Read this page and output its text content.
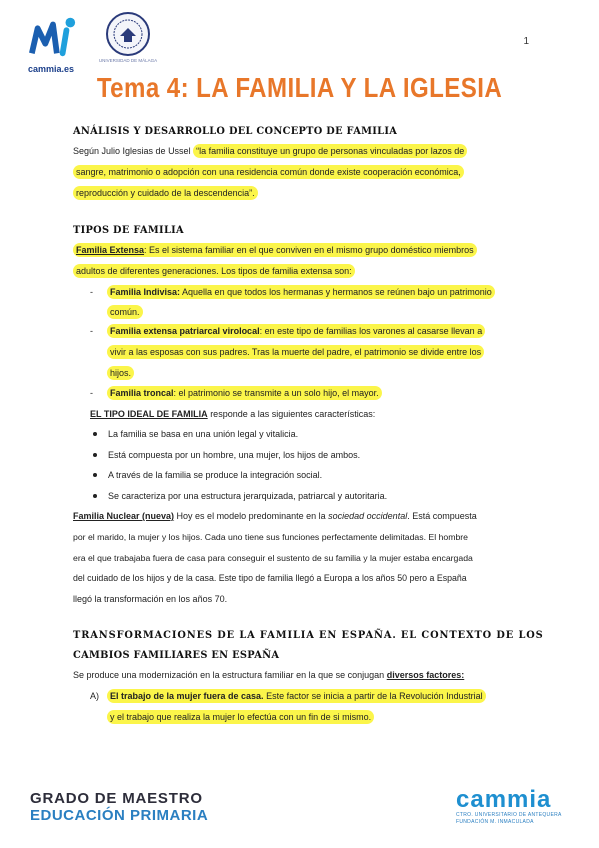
cammia.es
UNIVERSIDAD DE MÁLAGA
1
Tema 4: LA FAMILIA Y LA IGLESIA
ANÁLISIS Y DESARROLLO DEL CONCEPTO DE FAMILIA
Según Julio Iglesias de Ussel “la familia constituye un grupo de personas vinculadas por lazos de
sangre, matrimonio o adopción con una residencia común donde existe cooperación económica,
reproducción y cuidado de la descendencia”.
TIPOS DE FAMILIA
Familia Extensa: Es el sistema familiar en el que conviven en el mismo grupo doméstico miembros
adultos de diferentes generaciones. Los tipos de familia extensa son:
-	Familia Indivisa: Aquella en que todos los hermanas y hermanos se reúnen bajo un patrimonio
común.
-	Familia extensa patriarcal virolocal: en este tipo de familias los varones al casarse llevan a
vivir a las esposas con sus padres. Tras la muerte del padre, el patrimonio se divide entre los
hijos.
-	Familia troncal: el patrimonio se transmite a un solo hijo, el mayor.
EL TIPO IDEAL DE FAMILIA responde a las siguientes características:
La familia se basa en una unión legal y vitalicia.
Está compuesta por un hombre, una mujer, los hijos de ambos.
A través de la familia se produce la integración social.
Se caracteriza por una estructura jerarquizada, patriarcal y autoritaria.
Familia Nuclear (nueva) Hoy es el modelo predominante en la sociedad occidental. Está compuesta
por el marido, la mujer y los hijos. Cada uno tiene sus funciones perfectamente delimitadas. El hombre
era el que trabajaba fuera de casa para conseguir el sustento de su familia y la mujer estaba encargada
del cuidado de los hijos y de la casa. Este tipo de familia llegó a Europa a los años 50 pero a España
llegó la transformación en los años 70.
TRANSFORMACIONES DE LA FAMILIA EN ESPAÑA. EL CONTEXTO DE LOS
CAMBIOS FAMILIARES EN ESPAÑA
Se produce una modernización en la estructura familiar en la que se conjugan diversos factores:
A)	El trabajo de la mujer fuera de casa. Este factor se inicia a partir de la Revolución Industrial
y el trabajo que realiza la mujer lo efectúa con un fin de si mismo.
GRADO DE MAESTRO
EDUCACIÓN PRIMARIA
cammia
CTRO. UNIVERSITARIO DE ANTEQUERA
FUNDACIÓN M. INMACULADA
